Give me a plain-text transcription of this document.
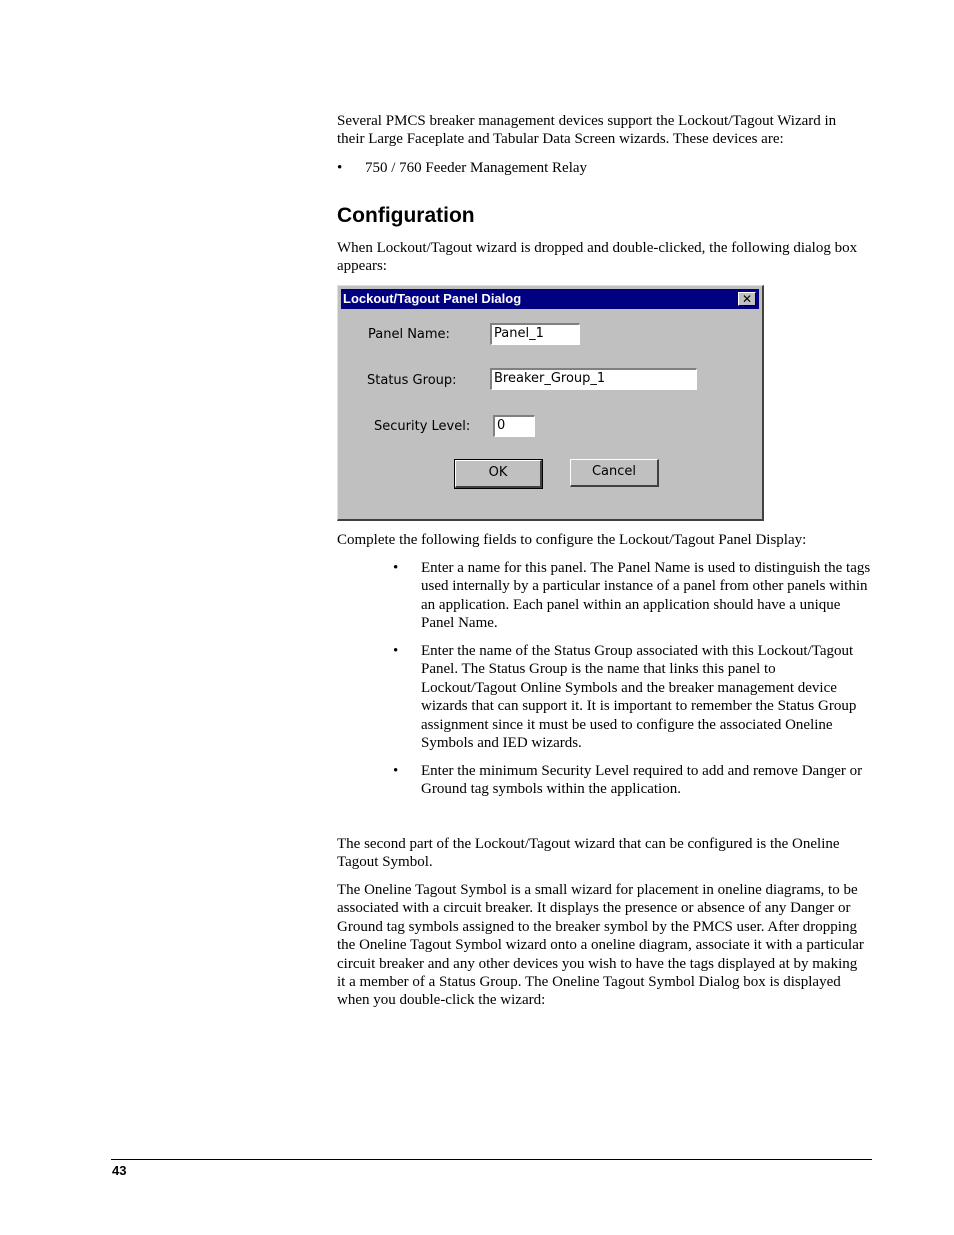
Several PMCS breaker management devices support the Lockout/Tagout Wizard in their Large Faceplate and Tabular Data Screen wizards. These devices are:

• 750 / 760 Feeder Management Relay
Configuration

When Lockout/Tagout wizard is dropped and double-clicked, the following dialog box appears:

Lockout/Tagout Panel Dialog	✕
Panel Name:	Panel_1
Status Group:	Breaker_Group_1
Security Level:	0
OK	Cancel

Complete the following fields to configure the Lockout/Tagout Panel Display:

• Enter a name for this panel. The Panel Name is used to distinguish the tags used internally by a particular instance of a panel from other panels within an application. Each panel within an application should have a unique Panel Name.

• Enter the name of the Status Group associated with this Lockout/Tagout Panel. The Status Group is the name that links this panel to Lockout/Tagout Online Symbols and the breaker management device wizards that can support it. It is important to remember the Status Group assignment since it must be used to configure the associated Oneline Symbols and IED wizards.

• Enter the minimum Security Level required to add and remove Danger or Ground tag symbols within the application.

The second part of the Lockout/Tagout wizard that can be configured is the Oneline Tagout Symbol.

The Oneline Tagout Symbol is a small wizard for placement in oneline diagrams, to be associated with a circuit breaker. It displays the presence or absence of any Danger or Ground tag symbols assigned to the breaker symbol by the PMCS user. After dropping the Oneline Tagout Symbol wizard onto a oneline diagram, associate it with a particular circuit breaker and any other devices you wish to have the tags displayed at by making it a member of a Status Group. The Oneline Tagout Symbol Dialog box is displayed when you double-click the wizard:

43
